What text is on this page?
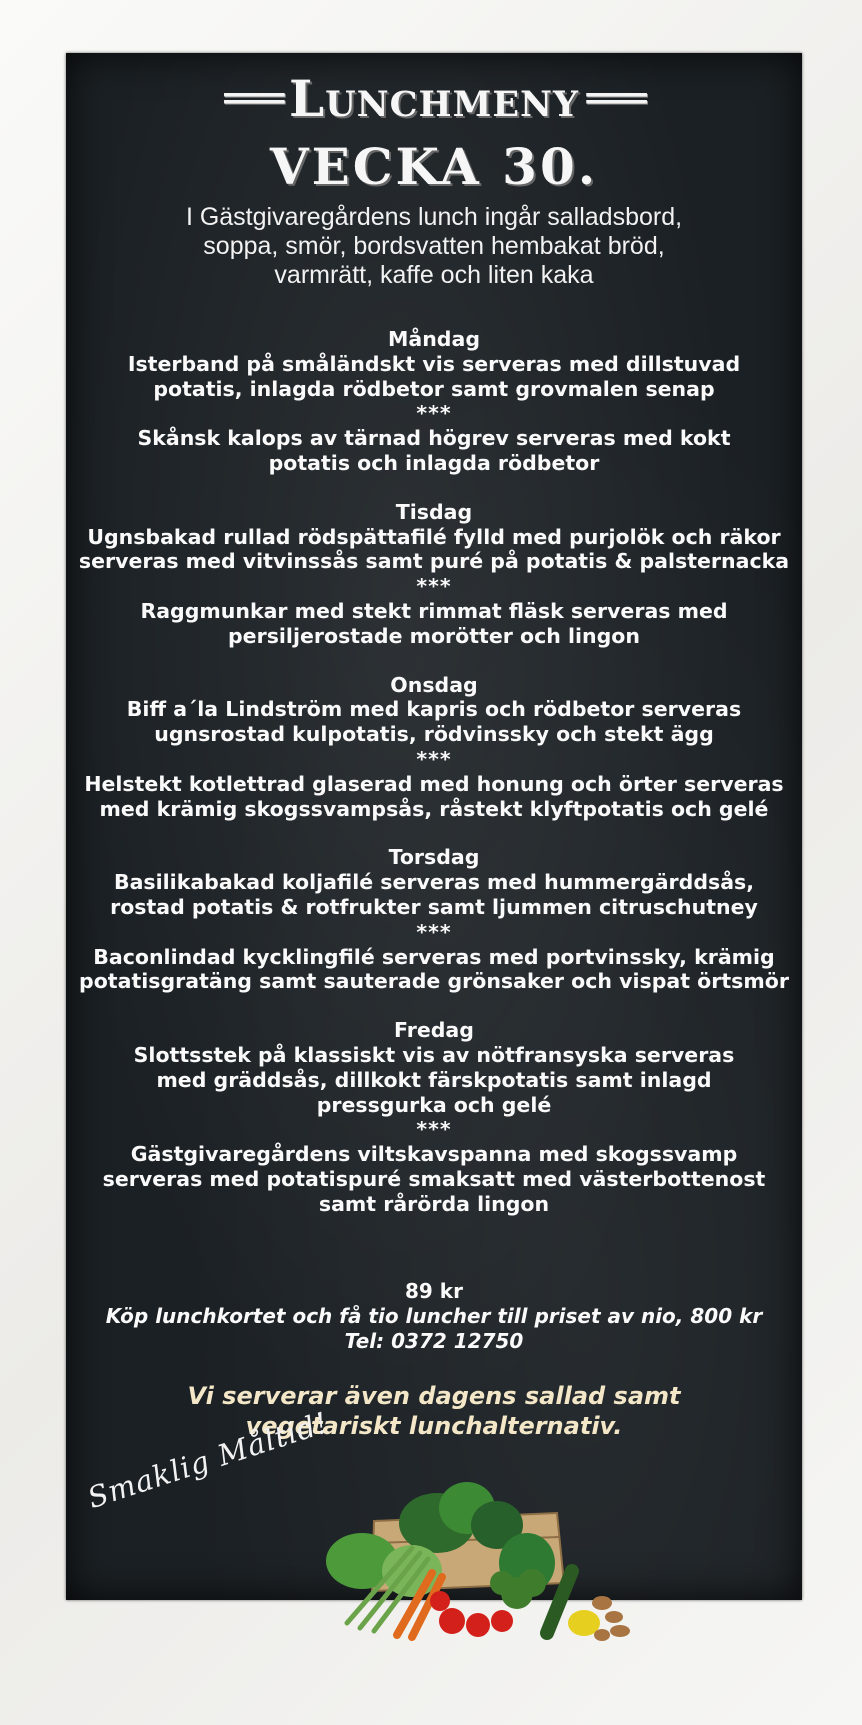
==== Lunchmeny ====
VECKA 30.
I Gästgivaregårdens lunch ingår salladsbord,
soppa, smör, bordsvatten hembakat bröd,
varmrätt, kaffe och liten kaka
Måndag
Isterband på småländskt vis serveras med dillstuvad
potatis, inlagda rödbetor samt grovmalen senap
***
Skånsk kalops av tärnad högrev serveras med kokt
potatis och inlagda rödbetor
Tisdag
Ugnsbakad rullad rödspättafilé fylld med purjolök och räkor
serveras med vitvinssås samt puré på potatis & palsternacka
***
Raggmunkar med stekt rimmat fläsk serveras med
persiljerostade morötter och lingon
Onsdag
Biff a´la Lindström med kapris och rödbetor serveras
ugnsrostad kulpotatis, rödvinssky och stekt ägg
***
Helstekt kotlettrad glaserad med honung och örter serveras
med krämig skogssvampsås, råstekt klyftpotatis och gelé
Torsdag
Basilikabakad koljafilé serveras med hummergärddsås,
rostad potatis & rotfrukter samt ljummen citruschutney
***
Baconlindad kycklingfilé serveras med portvinssky, krämig
potatisgratäng samt sauterade grönsaker och vispat örtsmör
Fredag
Slottsstek på klassiskt vis av nötfransyska serveras
med gräddsås, dillkokt färskpotatis samt inlagd
pressgurka och gelé
***
Gästgivaregårdens viltskavspanna med skogssvamp
serveras med potatispuré smaksatt med västerbottenost
samt rårörda lingon
89 kr
Köp lunchkortet och få tio luncher till priset av nio, 800 kr
Tel: 0372 12750
Vi serverar även dagens sallad samt
vegetariskt lunchalternativ.
Smaklig Måltid!
